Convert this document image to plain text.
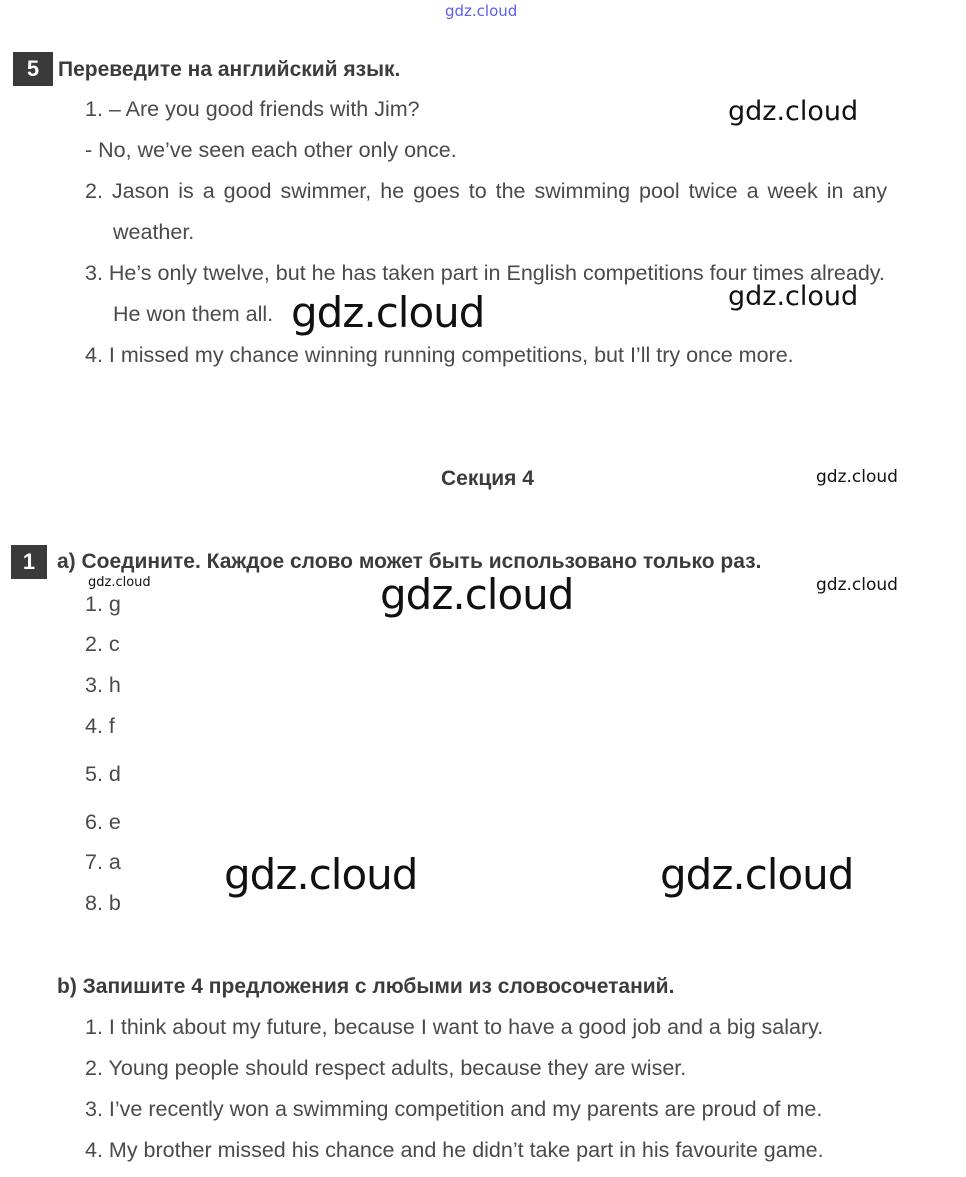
gdz.cloud
5 Переведите на английский язык.
1. – Are you good friends with Jim?
- No, we’ve seen each other only once.
2. Jason is a good swimmer, he goes to the swimming pool twice a week in any
weather.
3. He’s only twelve, but he has taken part in English competitions four times already.
He won them all.
4. I missed my chance winning running competitions, but I’ll try once more.
gdz.cloud
gdz.cloud
gdz.cloud
Секция 4	gdz.cloud
1	a) Соедините. Каждое слово может быть использовано только раз.
gdz.cloud	gdz.cloud
gdz.cloud
1. g
2. c
3. h
4. f
5. d
6. e
7. a
8. b
gdz.cloud	gdz.cloud
b) Запишите 4 предложения с любыми из словосочетаний.
1. I think about my future, because I want to have a good job and a big salary.
2. Young people should respect adults, because they are wiser.
3. I’ve recently won a swimming competition and my parents are proud of me.
4. My brother missed his chance and he didn’t take part in his favourite game.
